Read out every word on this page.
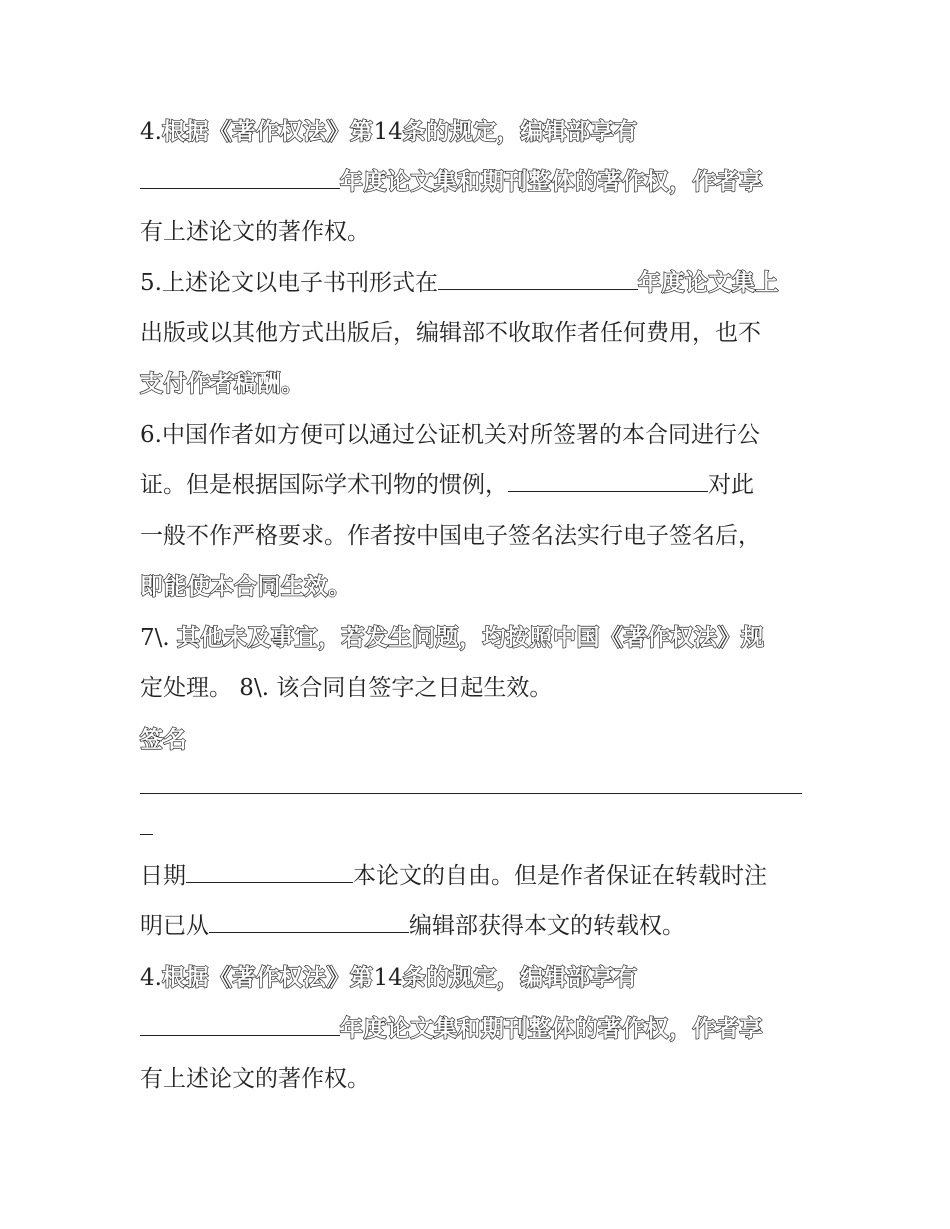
4.根据《著作权法》第14条的规定，编辑部享有
年度论文集和期刊整体的著作权，作者享
有上述论文的著作权。
5.上述论文以电子书刊形式在	年度论文集上
出版或以其他方式出版后，编辑部不收取作者任何费用，也不
支付作者稿酬。
6.中国作者如方便可以通过公证机关对所签署的本合同进行公
证。但是根据国际学术刊物的惯例，	对此
一般不作严格要求。作者按中国电子签名法实行电子签名后，
即能使本合同生效。
7\. 其他未及事宜，若发生问题，均按照中国《著作权法》规
定处理。 8\. 该合同自签字之日起生效。
签名
日期	本论文的自由。但是作者保证在转载时注
明已从	编辑部获得本文的转载权。
4.根据《著作权法》第14条的规定，编辑部享有
年度论文集和期刊整体的著作权，作者享
有上述论文的著作权。
